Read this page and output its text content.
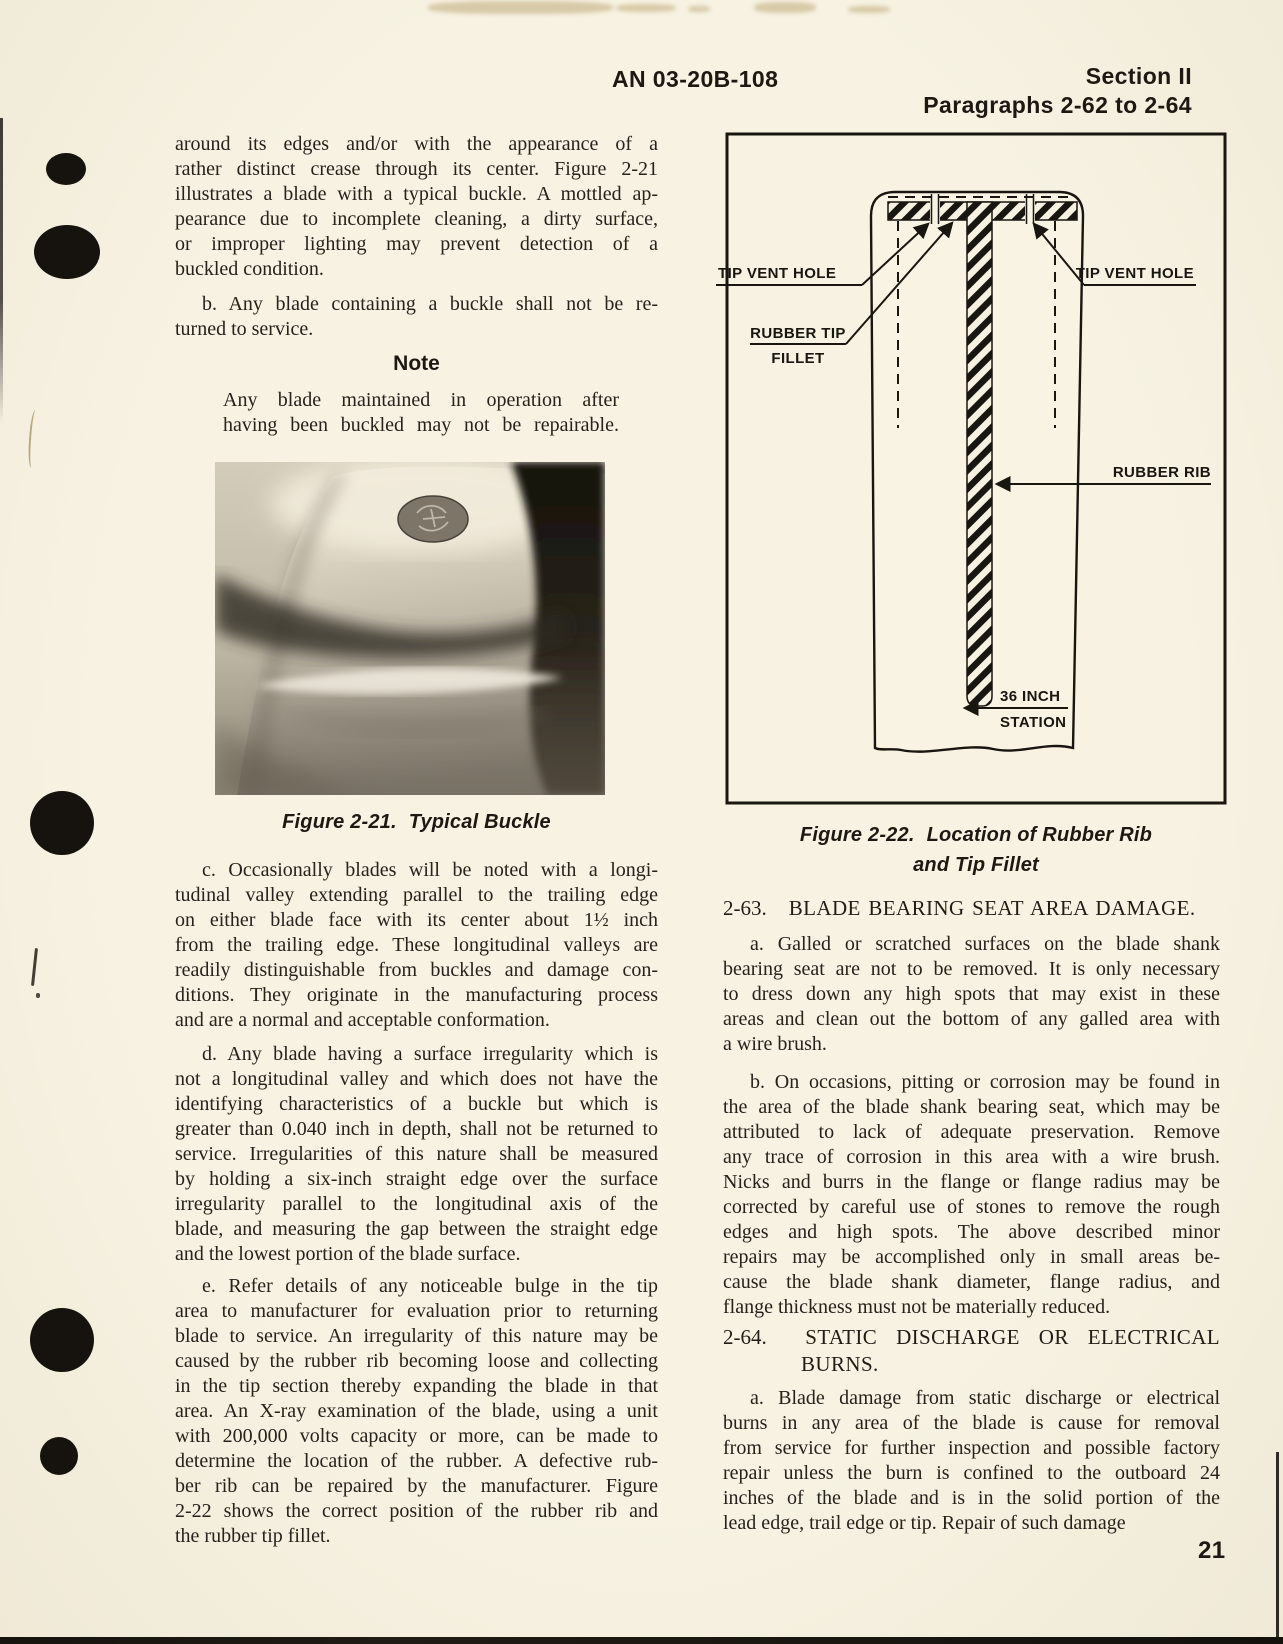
AN 03-20B-108	Section II
Paragraphs 2-62 to 2-64
around its edges and/or with the appearance of a
rather distinct crease through its center. Figure 2-21
illustrates a blade with a typical buckle. A mottled ap-
pearance due to incomplete cleaning, a dirty surface,
or improper lighting may prevent detection of a
buckled condition.
b. Any blade containing a buckle shall not be re-
turned to service.
Note
Any blade maintained in operation after
having been buckled may not be repairable.
Figure 2-21. Typical Buckle
c. Occasionally blades will be noted with a longi-
tudinal valley extending parallel to the trailing edge
on either blade face with its center about 1½ inch
from the trailing edge. These longitudinal valleys are
readily distinguishable from buckles and damage con-
ditions. They originate in the manufacturing process
and are a normal and acceptable conformation.
d. Any blade having a surface irregularity which is
not a longitudinal valley and which does not have the
identifying characteristics of a buckle but which is
greater than 0.040 inch in depth, shall not be returned to
service. Irregularities of this nature shall be measured
by holding a six-inch straight edge over the surface
irregularity parallel to the longitudinal axis of the
blade, and measuring the gap between the straight edge
and the lowest portion of the blade surface.
e. Refer details of any noticeable bulge in the tip
area to manufacturer for evaluation prior to returning
blade to service. An irregularity of this nature may be
caused by the rubber rib becoming loose and collecting
in the tip section thereby expanding the blade in that
area. An X-ray examination of the blade, using a unit
with 200,000 volts capacity or more, can be made to
determine the location of the rubber. A defective rub-
ber rib can be repaired by the manufacturer. Figure
2-22 shows the correct position of the rubber rib and
the rubber tip fillet.
TIP VENT HOLE	TIP VENT HOLE
RUBBER TIP
FILLET
RUBBER RIB
36 INCH
STATION
Figure 2-22. Location of Rubber Rib
and Tip Fillet
2-63. BLADE BEARING SEAT AREA DAMAGE.
a. Galled or scratched surfaces on the blade shank
bearing seat are not to be removed. It is only necessary
to dress down any high spots that may exist in these
areas and clean out the bottom of any galled area with
a wire brush.
b. On occasions, pitting or corrosion may be found in
the area of the blade shank bearing seat, which may be
attributed to lack of adequate preservation. Remove
any trace of corrosion in this area with a wire brush.
Nicks and burrs in the flange or flange radius may be
corrected by careful use of stones to remove the rough
edges and high spots. The above described minor
repairs may be accomplished only in small areas be-
cause the blade shank diameter, flange radius, and
flange thickness must not be materially reduced.
2-64. STATIC DISCHARGE OR ELECTRICAL
BURNS.
a. Blade damage from static discharge or electrical
burns in any area of the blade is cause for removal
from service for further inspection and possible factory
repair unless the burn is confined to the outboard 24
inches of the blade and is in the solid portion of the
lead edge, trail edge or tip. Repair of such damage
21
